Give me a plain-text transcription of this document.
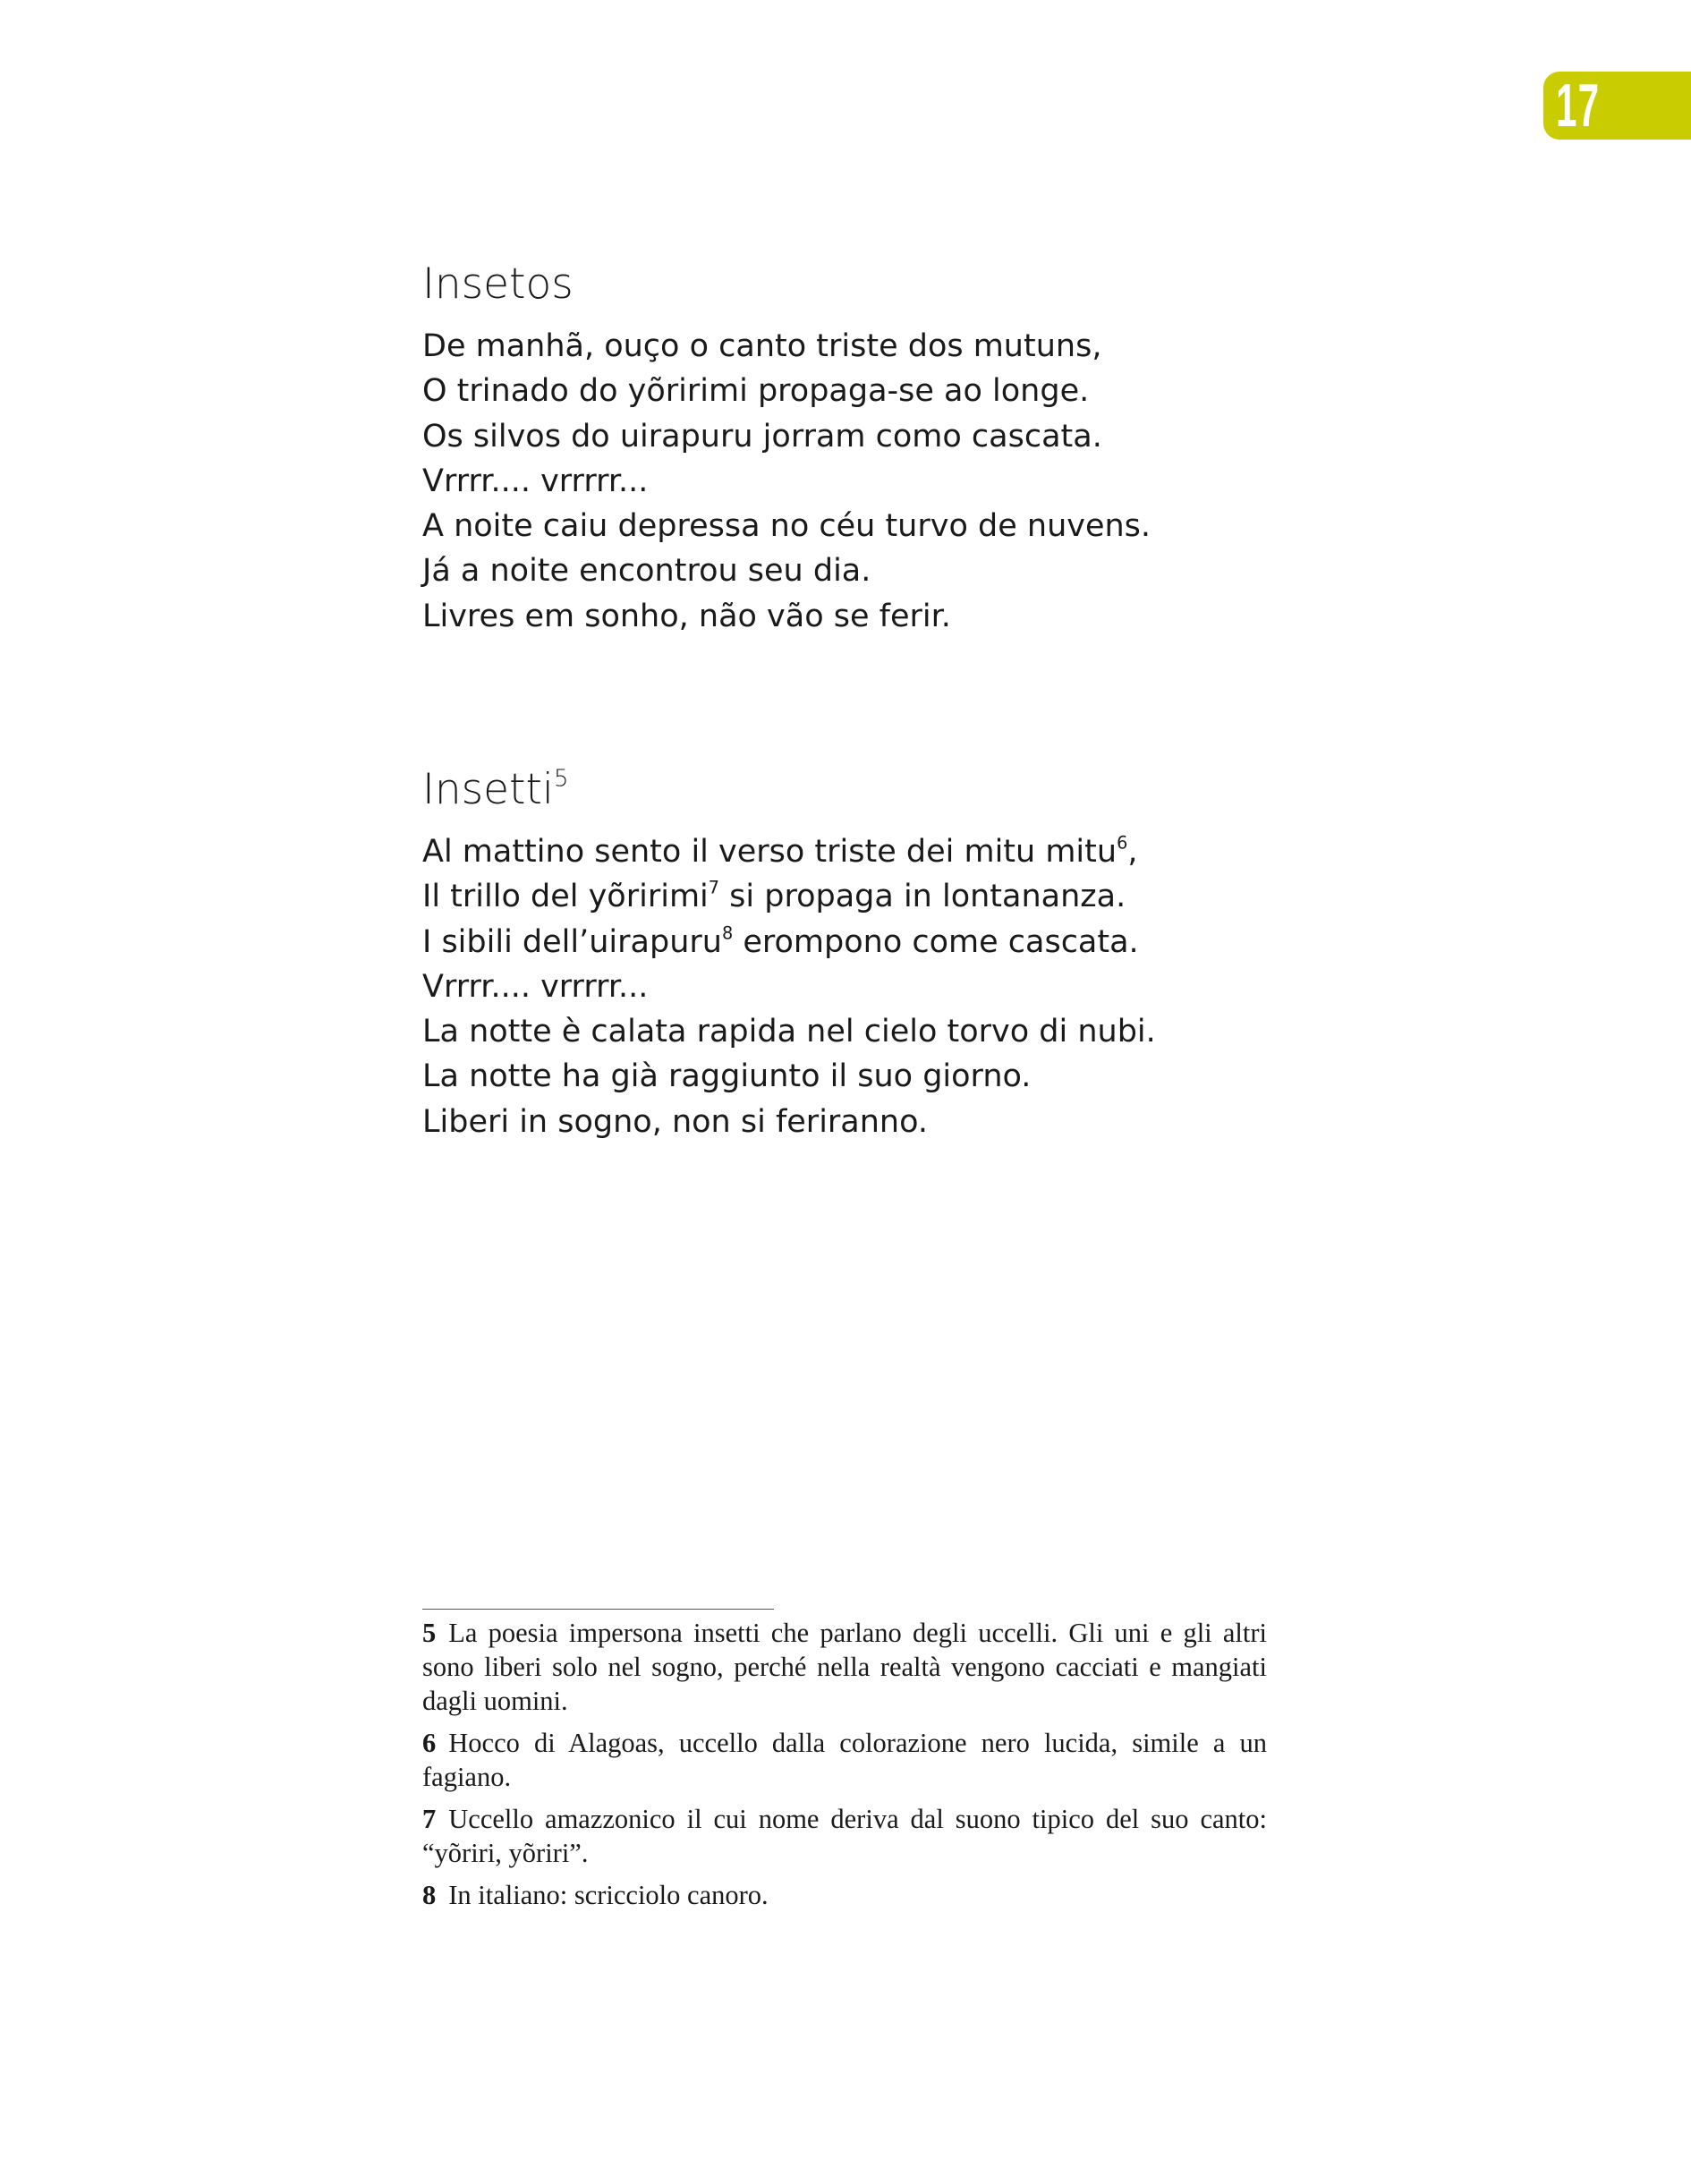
17
Insetos
De manhã, ouço o canto triste dos mutuns,
O trinado do yõririmi propaga-se ao longe.
Os silvos do uirapuru jorram como cascata.
Vrrrr.... vrrrrr...
A noite caiu depressa no céu turvo de nuvens.
Já a noite encontrou seu dia.
Livres em sonho, não vão se ferir.
Insetti$^5$
Al mattino sento il verso triste dei mitu mitu$^6$,
Il trillo del yõririmi$^7$ si propaga in lontananza.
I sibili dell’uirapuru$^8$ erompono come cascata.
Vrrrr.... vrrrrr...
La notte è calata rapida nel cielo torvo di nubi.
La notte ha già raggiunto il suo giorno.
Liberi in sogno, non si feriranno.

5 La poesia impersona insetti che parlano degli uccelli. Gli uni e gli altri sono liberi solo nel sogno, perché nella realtà vengono cacciati e mangiati dagli uomini.

6 Hocco di Alagoas, uccello dalla colorazione nero lucida, simile a un fagiano.

7 Uccello amazzonico il cui nome deriva dal suono tipico del suo canto: “yõriri, yõriri”.

8 In italiano: scricciolo canoro.
